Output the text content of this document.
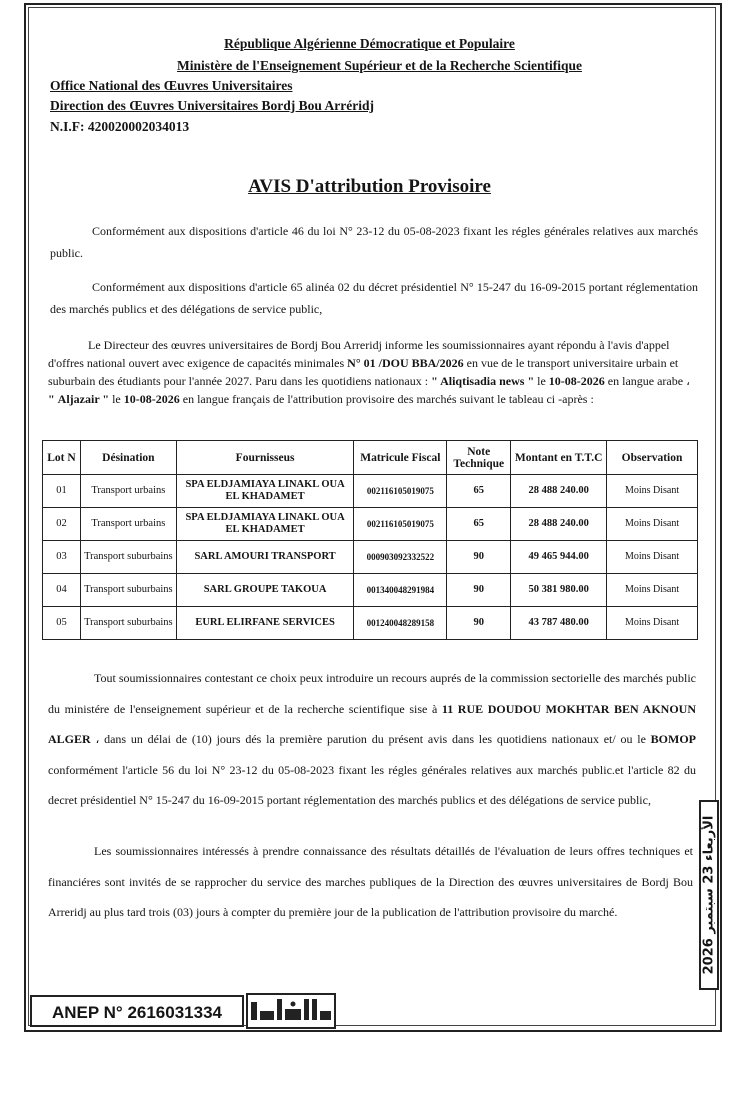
République Algérienne Démocratique et Populaire
Ministère de l'Enseignement Supérieur et de la Recherche Scientifique
Office National des Œuvres Universitaires
Direction des Œuvres Universitaires Bordj Bou Arréridj
N.I.F: 420020002034013
AVIS D'attribution Provisoire
Conformément aux dispositions d'article 46 du loi N° 23-12 du 05-08-2023 fixant les régles générales relatives aux marchés public.
Conformément aux dispositions d'article 65 alinéa 02 du décret présidentiel N° 15-247 du 16-09-2015 portant réglementation des marchés publics et des délégations de service public,
Le Directeur des œuvres universitaires de Bordj Bou Arreridj informe les soumissionnaires ayant répondu à l'avis d'appel d'offres national ouvert avec exigence de capacités minimales N° 01 /DOU BBA/2026 en vue de le transport universitaire urbain et suburbain des étudiants pour l'année 2027. Paru dans les quotidiens nationaux : " Aliqtisadia news " le 10-08-2026 en langue arabe ، " Aljazair " le 10-08-2026 en langue français de l'attribution provisoire des marchés suivant le tableau ci -après :
Lot N	Désination	Fournisseus	Matricule Fiscal	Note Technique	Montant en T.T.C	Observation
01	Transport urbains	SPA ELDJAMIAYA LINAKL OUA EL KHADAMET	002116105019075	65	28 488 240.00	Moins Disant
02	Transport urbains	SPA ELDJAMIAYA LINAKL OUA EL KHADAMET	002116105019075	65	28 488 240.00	Moins Disant
03	Transport suburbains	SARL AMOURI TRANSPORT	000903092332522	90	49 465 944.00	Moins Disant
04	Transport suburbains	SARL GROUPE TAKOUA	001340048291984	90	50 381 980.00	Moins Disant
05	Transport suburbains	EURL ELIRFANE SERVICES	001240048289158	90	43 787 480.00	Moins Disant
Tout soumissionnaires contestant ce choix peux introduire un recours auprés de la commission sectorielle des marchés public du ministére de l'enseignement supérieur et de la recherche scientifique sise à 11 RUE DOUDOU MOKHTAR BEN AKNOUN ALGER ، dans un délai de (10) jours dés la première parution du présent avis dans les quotidiens nationaux et/ ou le BOMOP conformément l'article 56 du loi N° 23-12 du 05-08-2023 fixant les régles générales relatives aux marchés public.et l'article 82 du decret présidentiel N° 15-247 du 16-09-2015 portant réglementation des marchés publics et des délégations de service public,
Les soumissionnaires intéressés à prendre connaissance des résultats détaillés de l'évaluation de leurs offres techniques et financiéres sont invités de se rapprocher du service des marches publiques de la Direction des œuvres universitaires de Bordj Bou Arreridj au plus tard trois (03) jours à compter du première jour de la publication de l'attribution provisoire du marché.
ANEP N° 2616031334
الأربعاء 23 سبتمبر 2026
